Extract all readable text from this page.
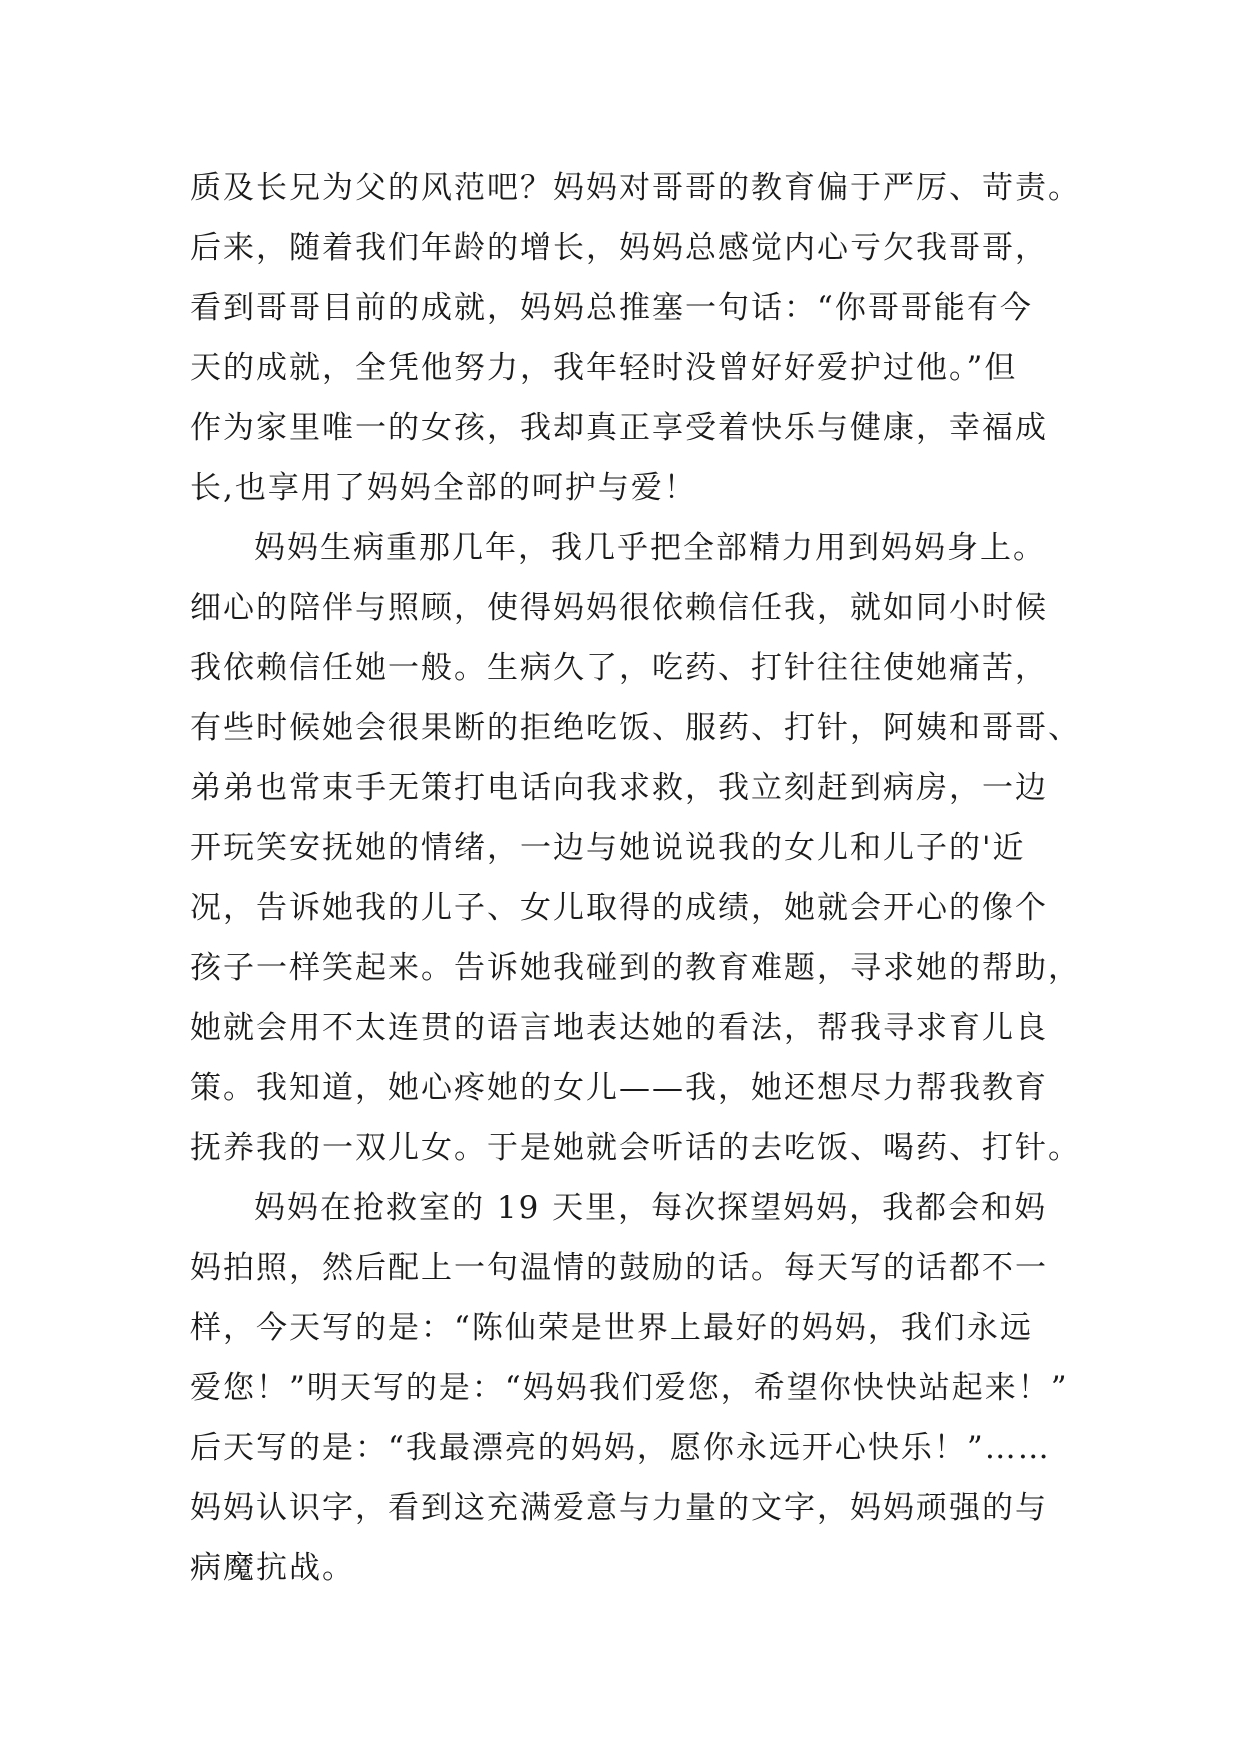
质及长兄为父的风范吧？妈妈对哥哥的教育偏于严厉、苛责。
后来，随着我们年龄的增长，妈妈总感觉内心亏欠我哥哥，
看到哥哥目前的成就，妈妈总推塞一句话：“你哥哥能有今
天的成就，全凭他努力，我年轻时没曾好好爱护过他。”但
作为家里唯一的女孩，我却真正享受着快乐与健康，幸福成
长,也享用了妈妈全部的呵护与爱！
妈妈生病重那几年，我几乎把全部精力用到妈妈身上。
细心的陪伴与照顾，使得妈妈很依赖信任我，就如同小时候
我依赖信任她一般。生病久了，吃药、打针往往使她痛苦，
有些时候她会很果断的拒绝吃饭、服药、打针，阿姨和哥哥、
弟弟也常束手无策打电话向我求救，我立刻赶到病房，一边
开玩笑安抚她的情绪，一边与她说说我的女儿和儿子的'近
况，告诉她我的儿子、女儿取得的成绩，她就会开心的像个
孩子一样笑起来。告诉她我碰到的教育难题，寻求她的帮助，
她就会用不太连贯的语言地表达她的看法，帮我寻求育儿良
策。我知道，她心疼她的女儿——我，她还想尽力帮我教育
抚养我的一双儿女。于是她就会听话的去吃饭、喝药、打针。
妈妈在抢救室的 19 天里，每次探望妈妈，我都会和妈
妈拍照，然后配上一句温情的鼓励的话。每天写的话都不一
样，今天写的是：“陈仙荣是世界上最好的妈妈，我们永远
爱您！”明天写的是：“妈妈我们爱您，希望你快快站起来！”
后天写的是：“我最漂亮的妈妈，愿你永远开心快乐！”……
妈妈认识字，看到这充满爱意与力量的文字，妈妈顽强的与
病魔抗战。
